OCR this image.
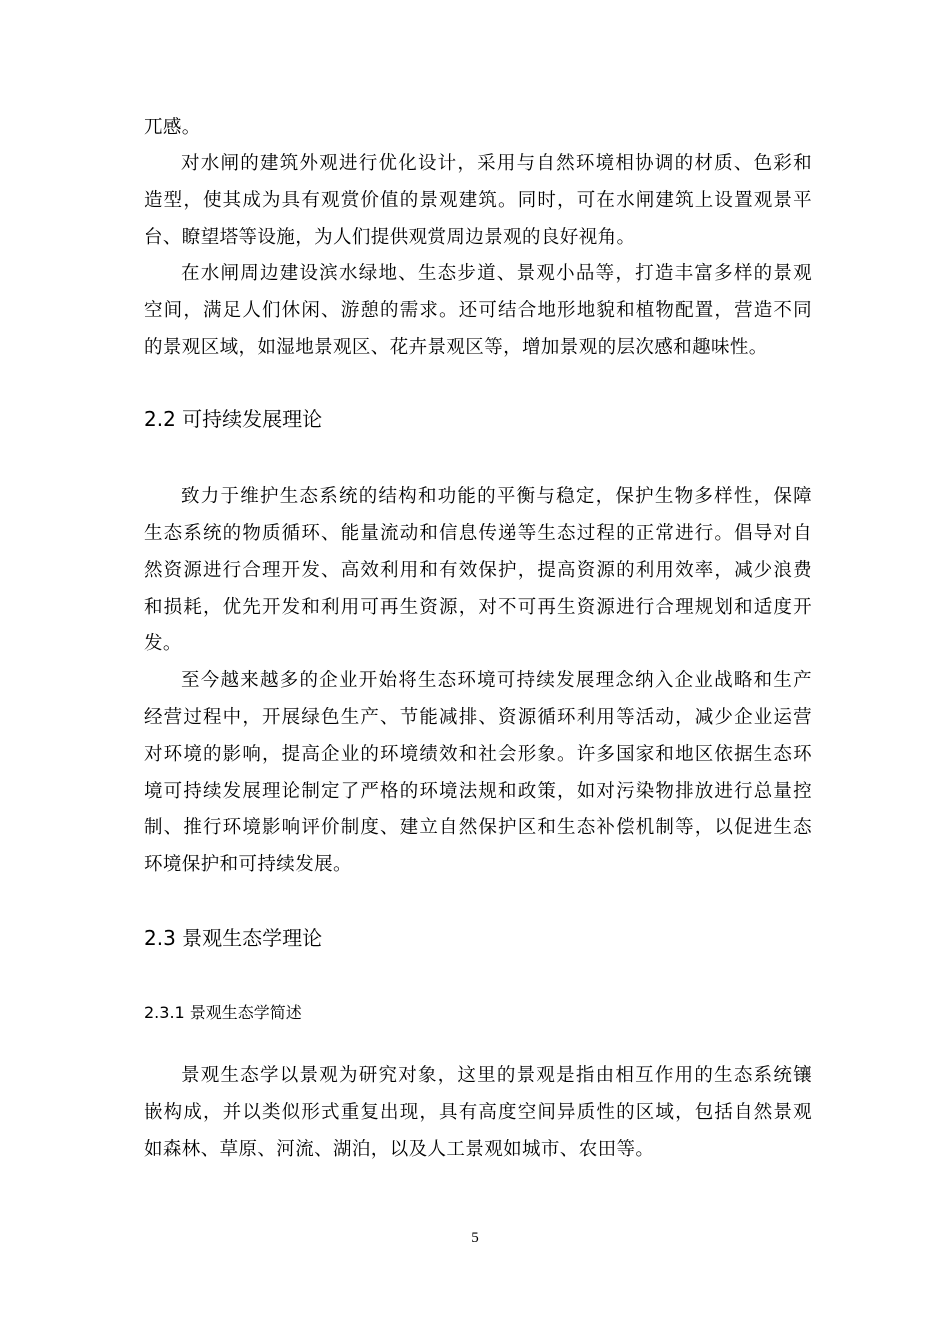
兀感。
对水闸的建筑外观进行优化设计，采用与自然环境相协调的材质、色彩和
造型，使其成为具有观赏价值的景观建筑。同时，可在水闸建筑上设置观景平
台、瞭望塔等设施，为人们提供观赏周边景观的良好视角。
在水闸周边建设滨水绿地、生态步道、景观小品等，打造丰富多样的景观
空间，满足人们休闲、游憩的需求。还可结合地形地貌和植物配置，营造不同
的景观区域，如湿地景观区、花卉景观区等，增加景观的层次感和趣味性。
2.2 可持续发展理论
致力于维护生态系统的结构和功能的平衡与稳定，保护生物多样性，保障
生态系统的物质循环、能量流动和信息传递等生态过程的正常进行。倡导对自
然资源进行合理开发、高效利用和有效保护，提高资源的利用效率，减少浪费
和损耗，优先开发和利用可再生资源，对不可再生资源进行合理规划和适度开
发。
至今越来越多的企业开始将生态环境可持续发展理念纳入企业战略和生产
经营过程中，开展绿色生产、节能减排、资源循环利用等活动，减少企业运营
对环境的影响，提高企业的环境绩效和社会形象。许多国家和地区依据生态环
境可持续发展理论制定了严格的环境法规和政策，如对污染物排放进行总量控
制、推行环境影响评价制度、建立自然保护区和生态补偿机制等，以促进生态
环境保护和可持续发展。
2.3 景观生态学理论
2.3.1 景观生态学简述
景观生态学以景观为研究对象，这里的景观是指由相互作用的生态系统镶
嵌构成，并以类似形式重复出现，具有高度空间异质性的区域，包括自然景观
如森林、草原、河流、湖泊，以及人工景观如城市、农田等。
5
